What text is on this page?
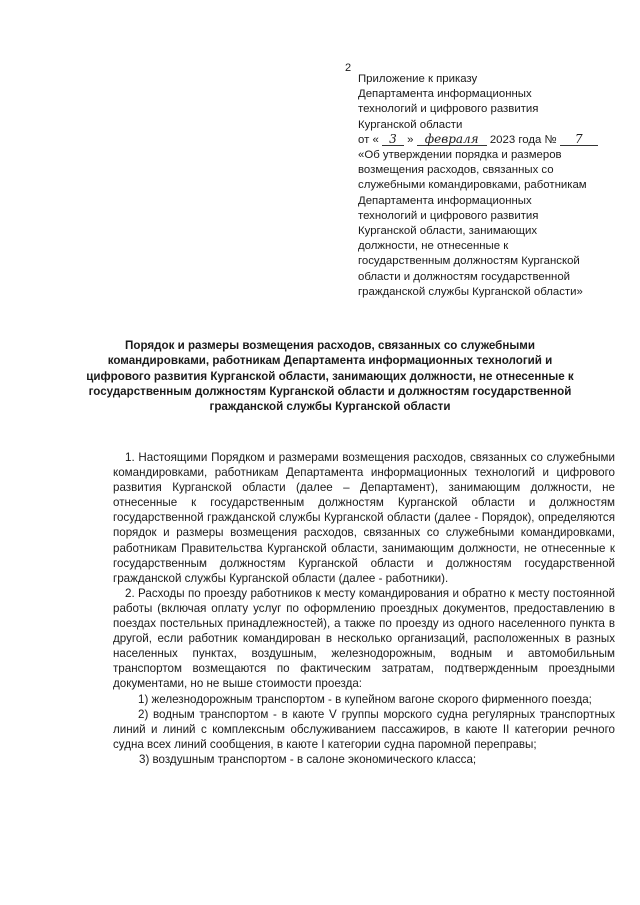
2
Приложение к приказу
Департамента информационных
технологий и цифрового развития
Курганской области
от « 3 » февраля 2023 года № 7
«Об утверждении порядка и размеров
возмещения расходов, связанных со
служебными командировками, работникам
Департамента информационных
технологий и цифрового развития
Курганской области, занимающих
должности, не отнесенные к
государственным должностям Курганской
области и должностям государственной
гражданской службы Курганской области»
Порядок и размеры возмещения расходов, связанных со служебными командировками, работникам Департамента информационных технологий и цифрового развития Курганской области, занимающих должности, не отнесенные к государственным должностям Курганской области и должностям государственной гражданской службы Курганской области

1. Настоящими Порядком и размерами возмещения расходов, связанных со служебными командировками, работникам Департамента информационных технологий и цифрового развития Курганской области (далее – Департамент), занимающим должности, не отнесенные к государственным должностям Курганской области и должностям государственной гражданской службы Курганской области (далее - Порядок), определяются порядок и размеры возмещения расходов, связанных со служебными командировками, работникам Правительства Курганской области, занимающим должности, не отнесенные к государственным должностям Курганской области и должностям государственной гражданской службы Курганской области (далее - работники).

2. Расходы по проезду работников к месту командирования и обратно к месту постоянной работы (включая оплату услуг по оформлению проездных документов, предоставлению в поездах постельных принадлежностей), а также по проезду из одного населенного пункта в другой, если работник командирован в несколько организаций, расположенных в разных населенных пунктах, воздушным, железнодорожным, водным и автомобильным транспортом возмещаются по фактическим затратам, подтвержденным проездными документами, но не выше стоимости проезда:

1) железнодорожным транспортом - в купейном вагоне скорого фирменного поезда;

2) водным транспортом - в каюте V группы морского судна регулярных транспортных линий и линий с комплексным обслуживанием пассажиров, в каюте II категории речного судна всех линий сообщения, в каюте I категории судна паромной переправы;

3) воздушным транспортом - в салоне экономического класса;
